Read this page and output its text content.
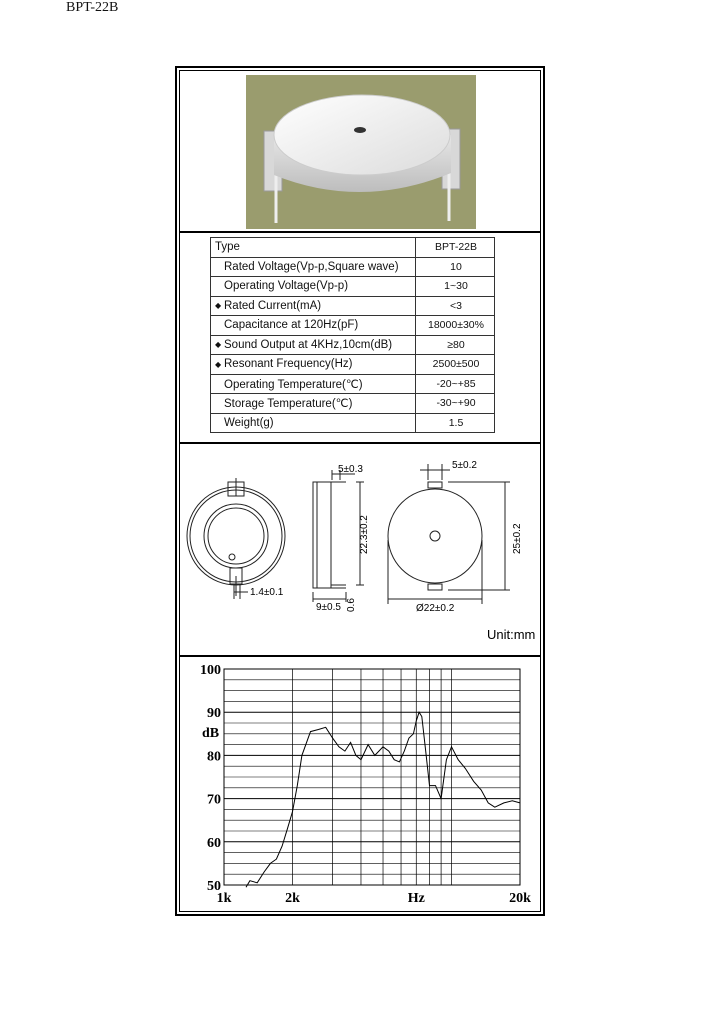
BPT-22B
Type	BPT-22B
Rated Voltage(Vp-p,Square wave)	10
Operating Voltage(Vp-p)	1~30
◆ Rated Current(mA)	<3
Capacitance at 120Hz(pF)	18000±30%
◆ Sound Output at 4KHz,10cm(dB)	≥80
◆ Resonant Frequency(Hz)	2500±500
Operating Temperature(℃)	-20~+85
Storage Temperature(℃)	-30~+90
Weight(g)	1.5
1.4±0.1
5±0.3
22.3±0.2
9±0.5 0.6
5±0.2
25±0.2
Ø22±0.2
Unit:mm
100
90
80
70
60
50
1k	2k	Hz	20k
dB
